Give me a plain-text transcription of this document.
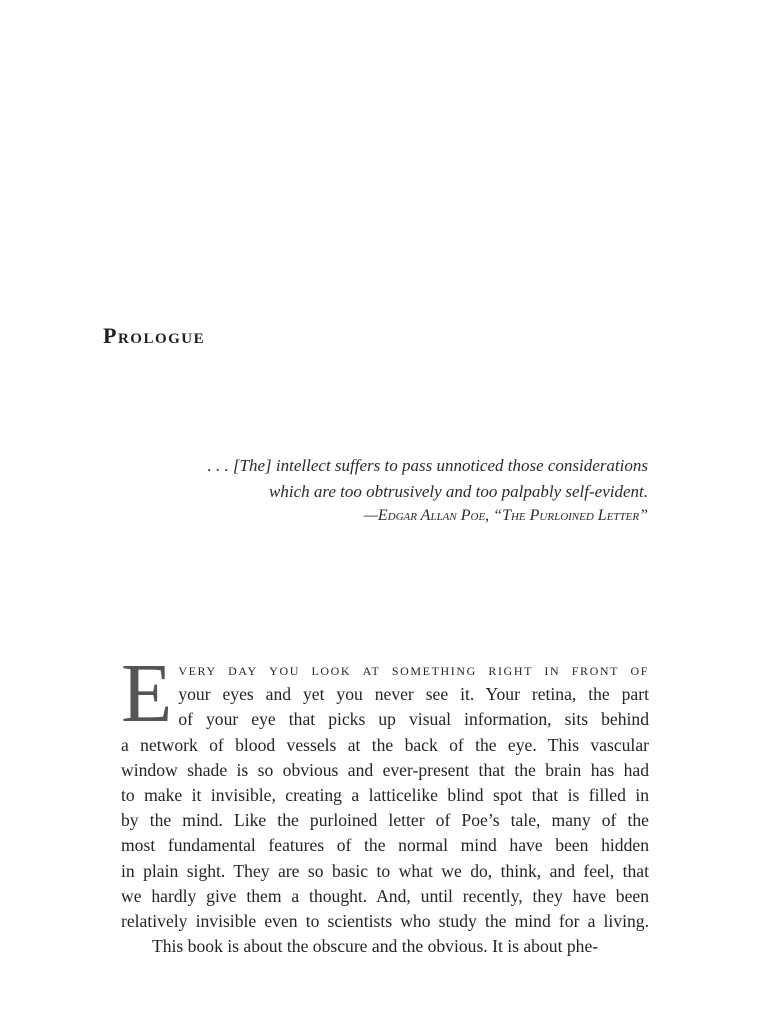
Prologue
. . . [The] intellect suffers to pass unnoticed those considerations
which are too obtrusively and too palpably self-evident.
—Edgar Allan Poe, “The Purloined Letter”
E very day you look at something right in front of
your eyes and yet you never see it. Your retina, the part
of your eye that picks up visual information, sits behind
a network of blood vessels at the back of the eye. This vascular
window shade is so obvious and ever-present that the brain has had
to make it invisible, creating a latticelike blind spot that is filled in
by the mind. Like the purloined letter of Poe’s tale, many of the
most fundamental features of the normal mind have been hidden
in plain sight. They are so basic to what we do, think, and feel, that
we hardly give them a thought. And, until recently, they have been
relatively invisible even to scientists who study the mind for a living.

This book is about the obscure and the obvious. It is about phe-
